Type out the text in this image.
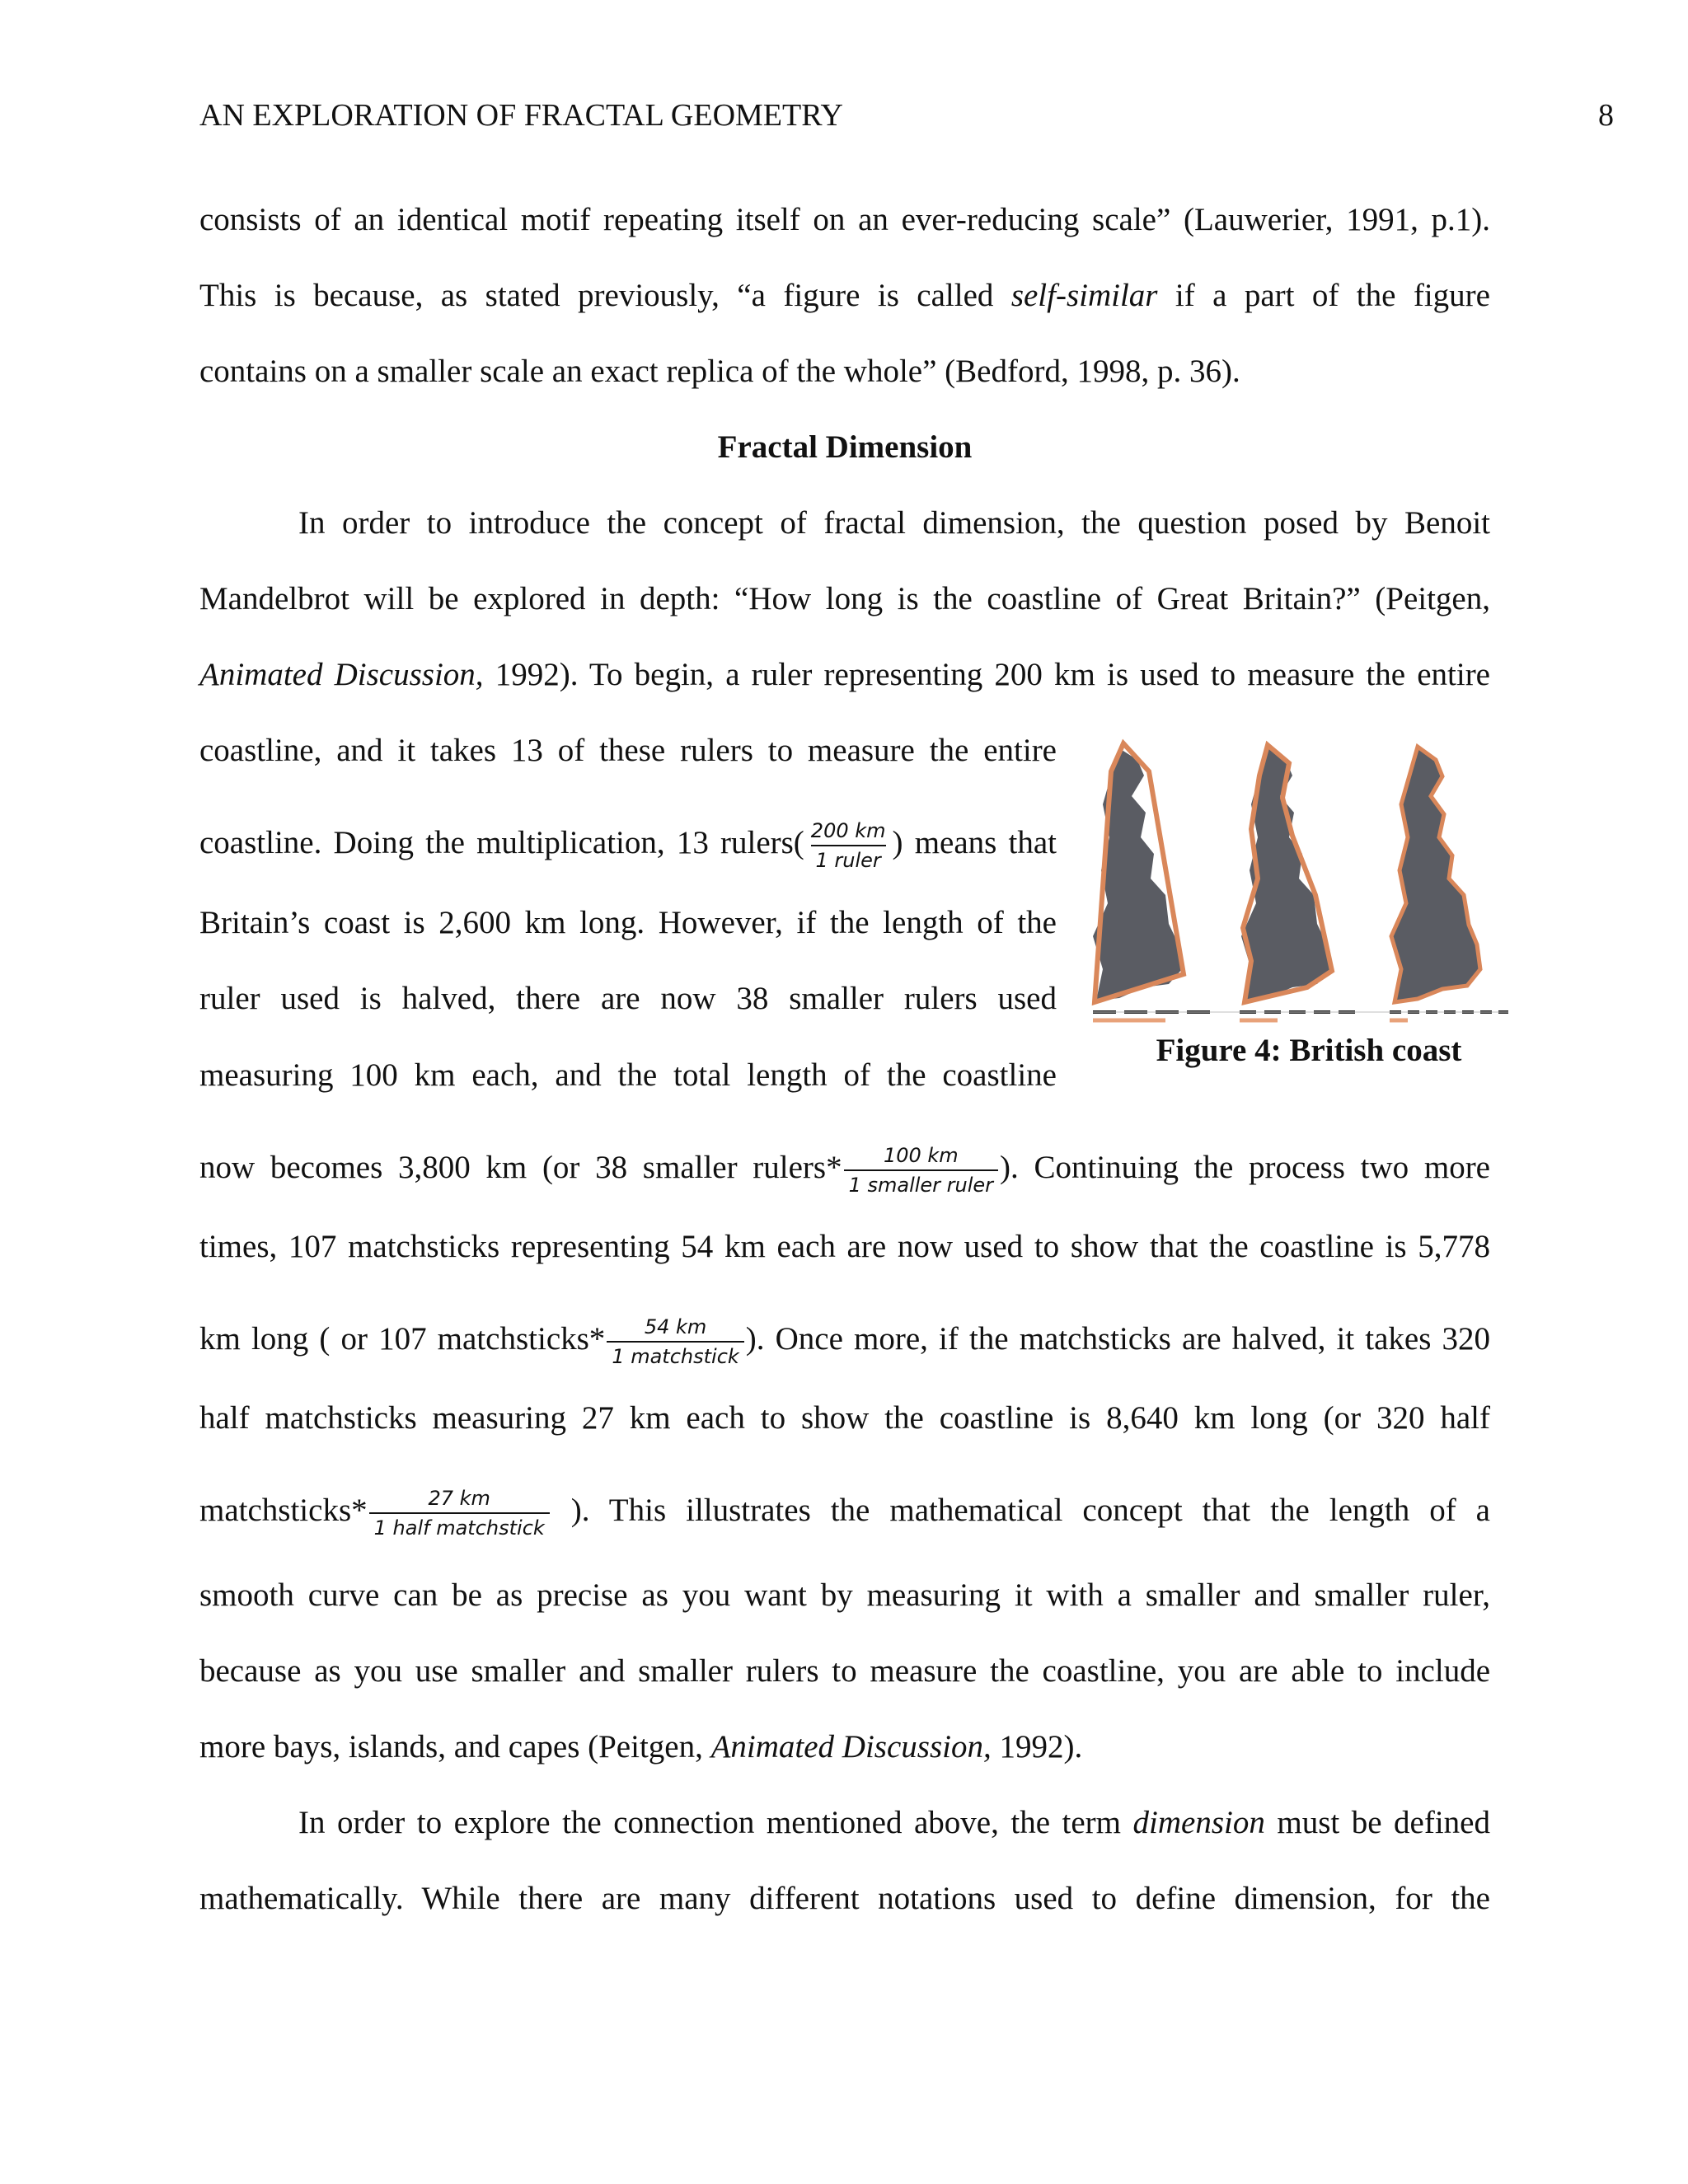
AN EXPLORATION OF FRACTAL GEOMETRY	8
consists of an identical motif repeating itself on an ever-reducing scale” (Lauwerier, 1991, p.1).
This is because, as stated previously, “a figure is called self-similar if a part of the figure
contains on a smaller scale an exact replica of the whole” (Bedford, 1998, p. 36).
Fractal Dimension
In order to introduce the concept of fractal dimension, the question posed by Benoit
Mandelbrot will be explored in depth: “How long is the coastline of Great Britain?” (Peitgen,
Animated Discussion, 1992). To begin, a ruler representing 200 km is used to measure the entire
coastline, and it takes 13 of these rulers to measure the entire
coastline. Doing the multiplication, 13 rulers( $\frac{200 km}{\text{1 ruler}}$ ) means that
Britain’s coast is 2,600 km long. However, if the length of the
ruler used is halved, there are now 38 smaller rulers used
measuring 100 km each, and the total length of the coastline
now becomes 3,800 km (or 38 smaller rulers* $\frac{100 km}{\text{1 smaller ruler}}$ ). Continuing the process two more
times, 107 matchsticks representing 54 km each are now used to show that the coastline is 5,778
km long ( or 107 matchsticks* $\frac{54 km}{\text{1 matchstick}}$ ). Once more, if the matchsticks are halved, it takes 320
half matchsticks measuring 27 km each to show the coastline is 8,640 km long (or 320 half
matchsticks* $\frac{27 km}{\text{1 half matchstick}}$ ). This illustrates the mathematical concept that the length of a
smooth curve can be as precise as you want by measuring it with a smaller and smaller ruler,
because as you use smaller and smaller rulers to measure the coastline, you are able to include
more bays, islands, and capes (Peitgen, Animated Discussion, 1992).
In order to explore the connection mentioned above, the term dimension must be defined
mathematically. While there are many different notations used to define dimension, for the
Figure 4: British coast
